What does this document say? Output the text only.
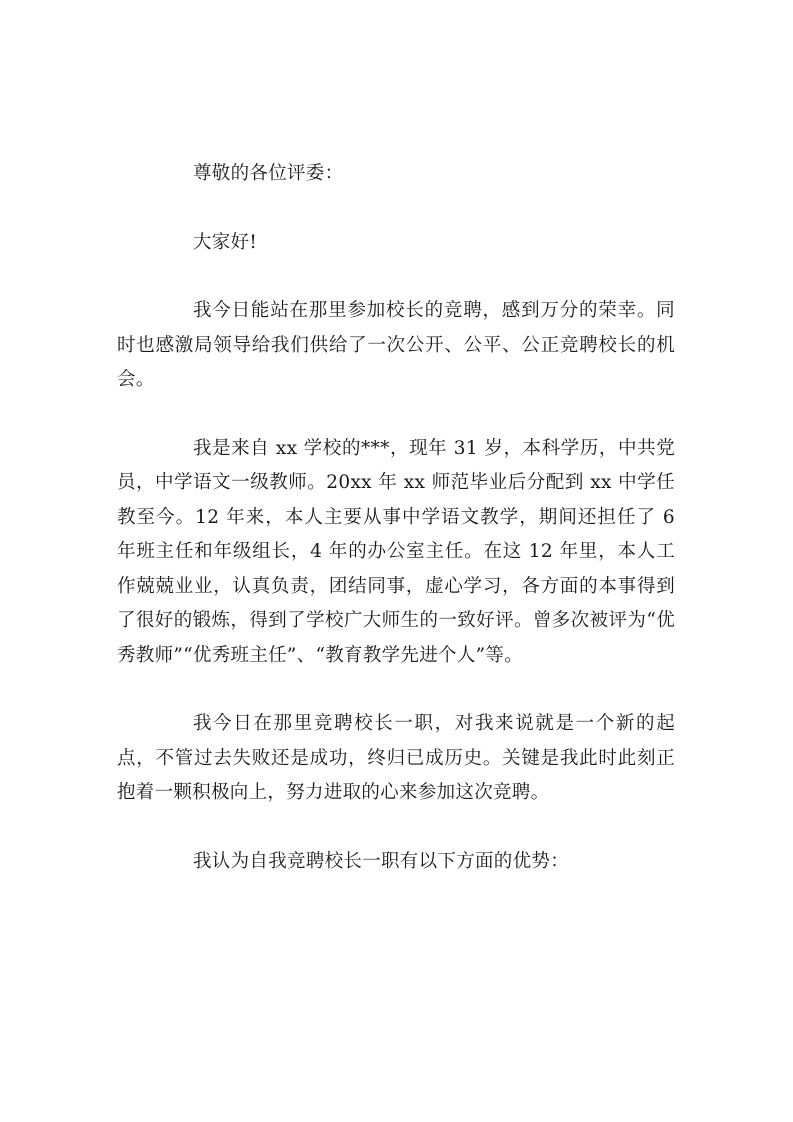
尊敬的各位评委：

大家好!

我今日能站在那里参加校长的竞聘，感到万分的荣幸。同时也感激局领导给我们供给了一次公开、公平、公正竞聘校长的机会。

我是来自 xx 学校的***，现年 31 岁，本科学历，中共党员，中学语文一级教师。20xx 年 xx 师范毕业后分配到 xx 中学任教至今。12 年来，本人主要从事中学语文教学，期间还担任了 6 年班主任和年级组长，4 年的办公室主任。在这 12 年里，本人工作兢兢业业，认真负责，团结同事，虚心学习，各方面的本事得到了很好的锻炼，得到了学校广大师生的一致好评。曾多次被评为“优秀教师”“优秀班主任”、“教育教学先进个人”等。

我今日在那里竞聘校长一职，对我来说就是一个新的起点，不管过去失败还是成功，终归已成历史。关键是我此时此刻正抱着一颗积极向上，努力进取的心来参加这次竞聘。

我认为自我竞聘校长一职有以下方面的优势：
